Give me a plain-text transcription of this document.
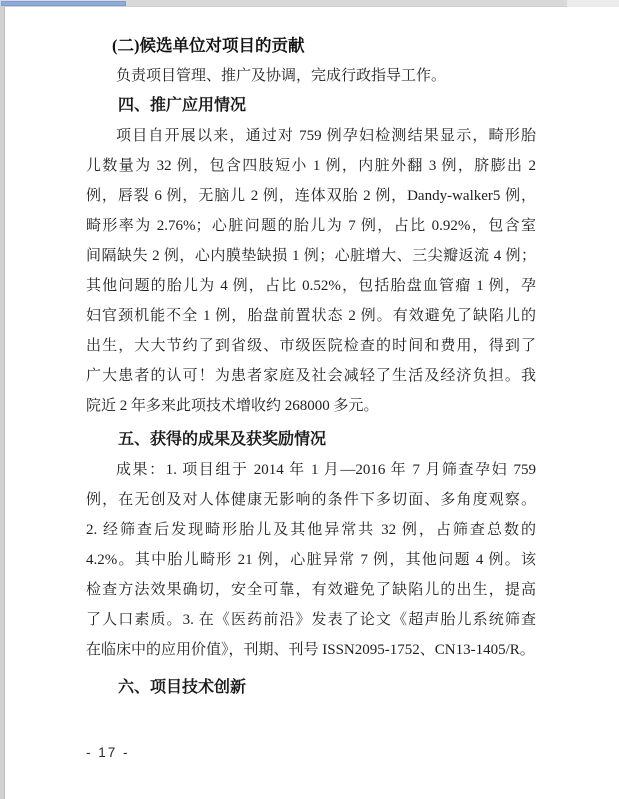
(二)候选单位对项目的贡献
负责项目管理、推广及协调，完成行政指导工作。
四、推广应用情况
项目自开展以来，通过对 759 例孕妇检测结果显示，畸形胎
儿数量为 32 例，包含四肢短小 1 例，内脏外翻 3 例，脐膨出 2
例，唇裂 6 例，无脑儿 2 例，连体双胎 2 例，Dandy-walker5 例，
畸形率为 2.76%；心脏问题的胎儿为 7 例，占比 0.92%，包含室
间隔缺失 2 例，心内膜垫缺损 1 例；心脏增大、三尖瓣返流 4 例；
其他问题的胎儿为 4 例，占比 0.52%，包括胎盘血管瘤 1 例，孕
妇官颈机能不全 1 例，胎盘前置状态 2 例。有效避免了缺陷儿的
出生，大大节约了到省级、市级医院检查的时间和费用，得到了
广大患者的认可！为患者家庭及社会减轻了生活及经济负担。我
院近 2 年多来此项技术增收约 268000 多元。
五、获得的成果及获奖励情况
成果：1. 项目组于 2014 年 1 月—2016 年 7 月筛查孕妇 759
例，在无创及对人体健康无影响的条件下多切面、多角度观察。
2. 经筛查后发现畸形胎儿及其他异常共 32 例，占筛查总数的
4.2%。其中胎儿畸形 21 例，心脏异常 7 例，其他问题 4 例。该
检查方法效果确切，安全可靠，有效避免了缺陷儿的出生，提高
了人口素质。3. 在《医药前沿》发表了论文《超声胎儿系统筛查
在临床中的应用价值》，刊期、刊号 ISSN2095-1752、CN13-1405/R。
六、项目技术创新
- 17 -
